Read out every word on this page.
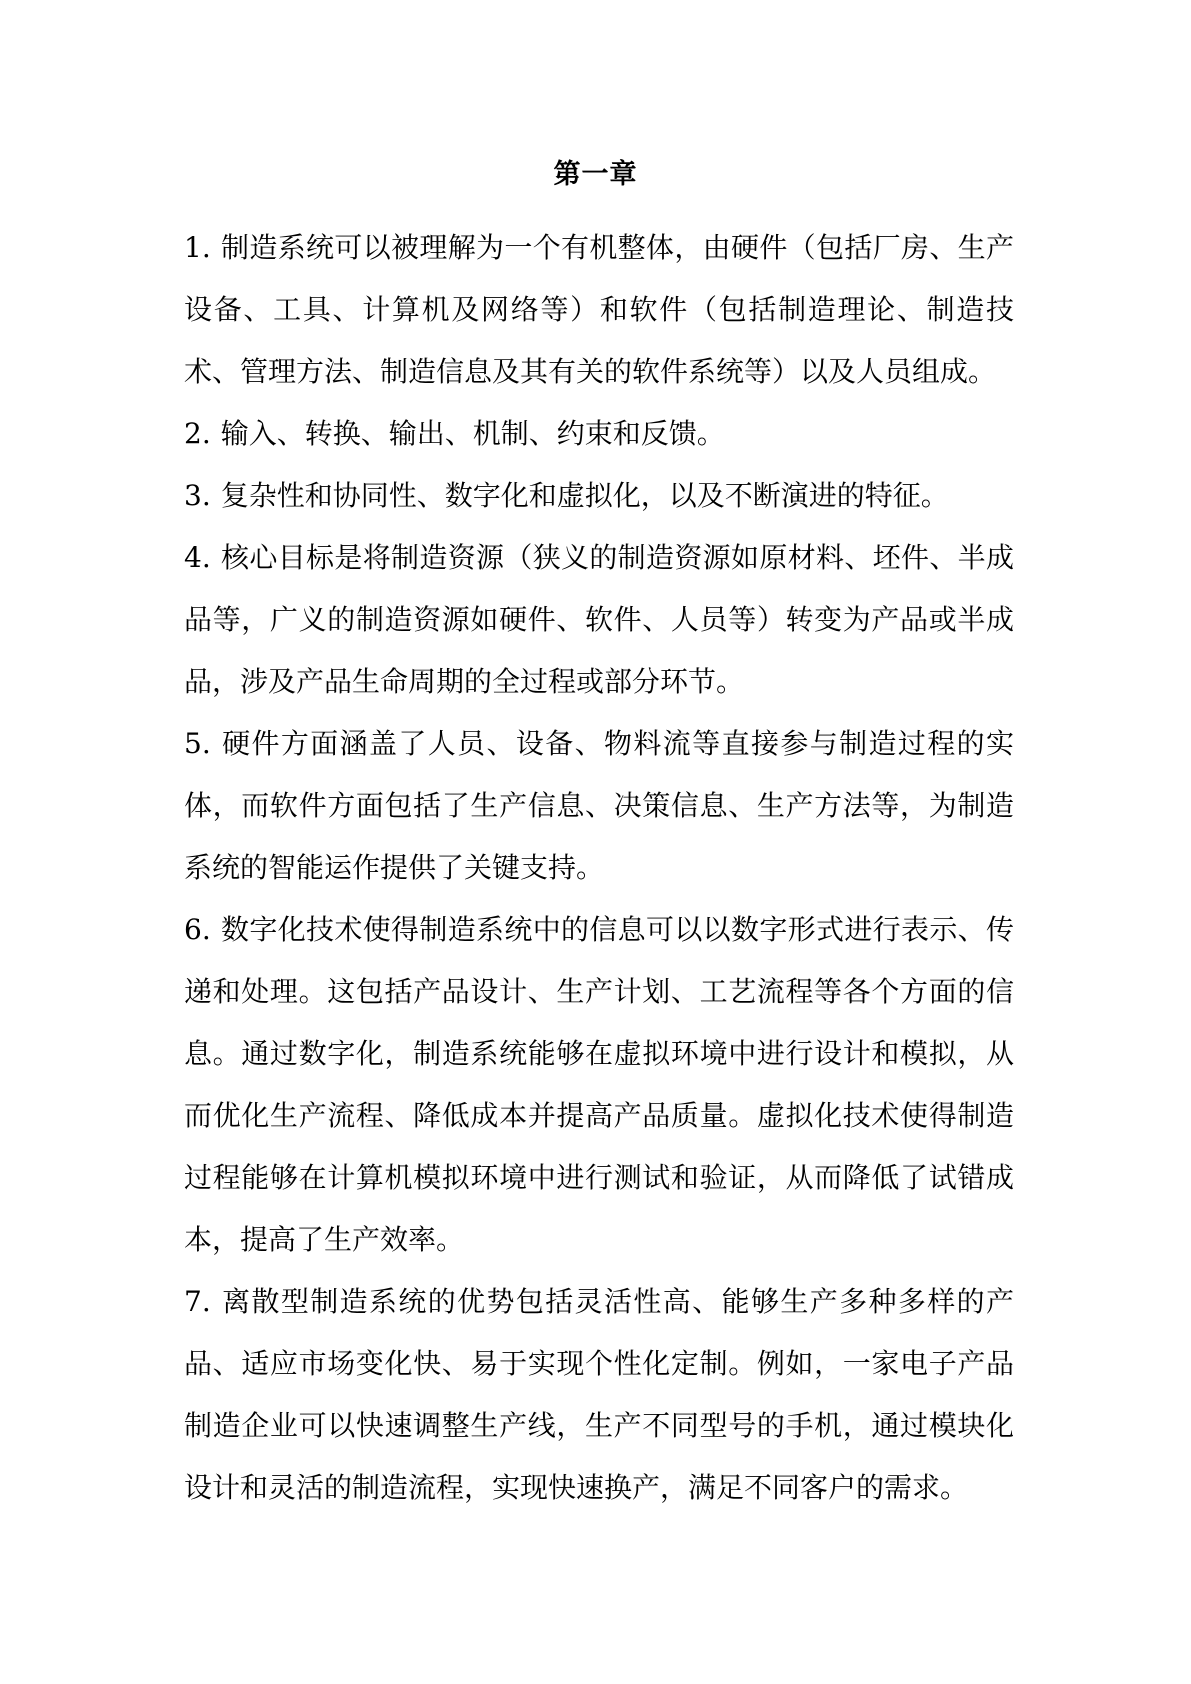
第一章

1. 制造系统可以被理解为一个有机整体，由硬件（包括厂房、生产设备、工具、计算机及网络等）和软件（包括制造理论、制造技术、管理方法、制造信息及其有关的软件系统等）以及人员组成。

2. 输入、转换、输出、机制、约束和反馈。

3. 复杂性和协同性、数字化和虚拟化，以及不断演进的特征。

4. 核心目标是将制造资源（狭义的制造资源如原材料、坯件、半成品等，广义的制造资源如硬件、软件、人员等）转变为产品或半成品，涉及产品生命周期的全过程或部分环节。

5. 硬件方面涵盖了人员、设备、物料流等直接参与制造过程的实体，而软件方面包括了生产信息、决策信息、生产方法等，为制造系统的智能运作提供了关键支持。

6. 数字化技术使得制造系统中的信息可以以数字形式进行表示、传递和处理。这包括产品设计、生产计划、工艺流程等各个方面的信息。通过数字化，制造系统能够在虚拟环境中进行设计和模拟，从而优化生产流程、降低成本并提高产品质量。虚拟化技术使得制造过程能够在计算机模拟环境中进行测试和验证，从而降低了试错成本，提高了生产效率。

7. 离散型制造系统的优势包括灵活性高、能够生产多种多样的产品、适应市场变化快、易于实现个性化定制。例如，一家电子产品制造企业可以快速调整生产线，生产不同型号的手机，通过模块化设计和灵活的制造流程，实现快速换产，满足不同客户的需求。
